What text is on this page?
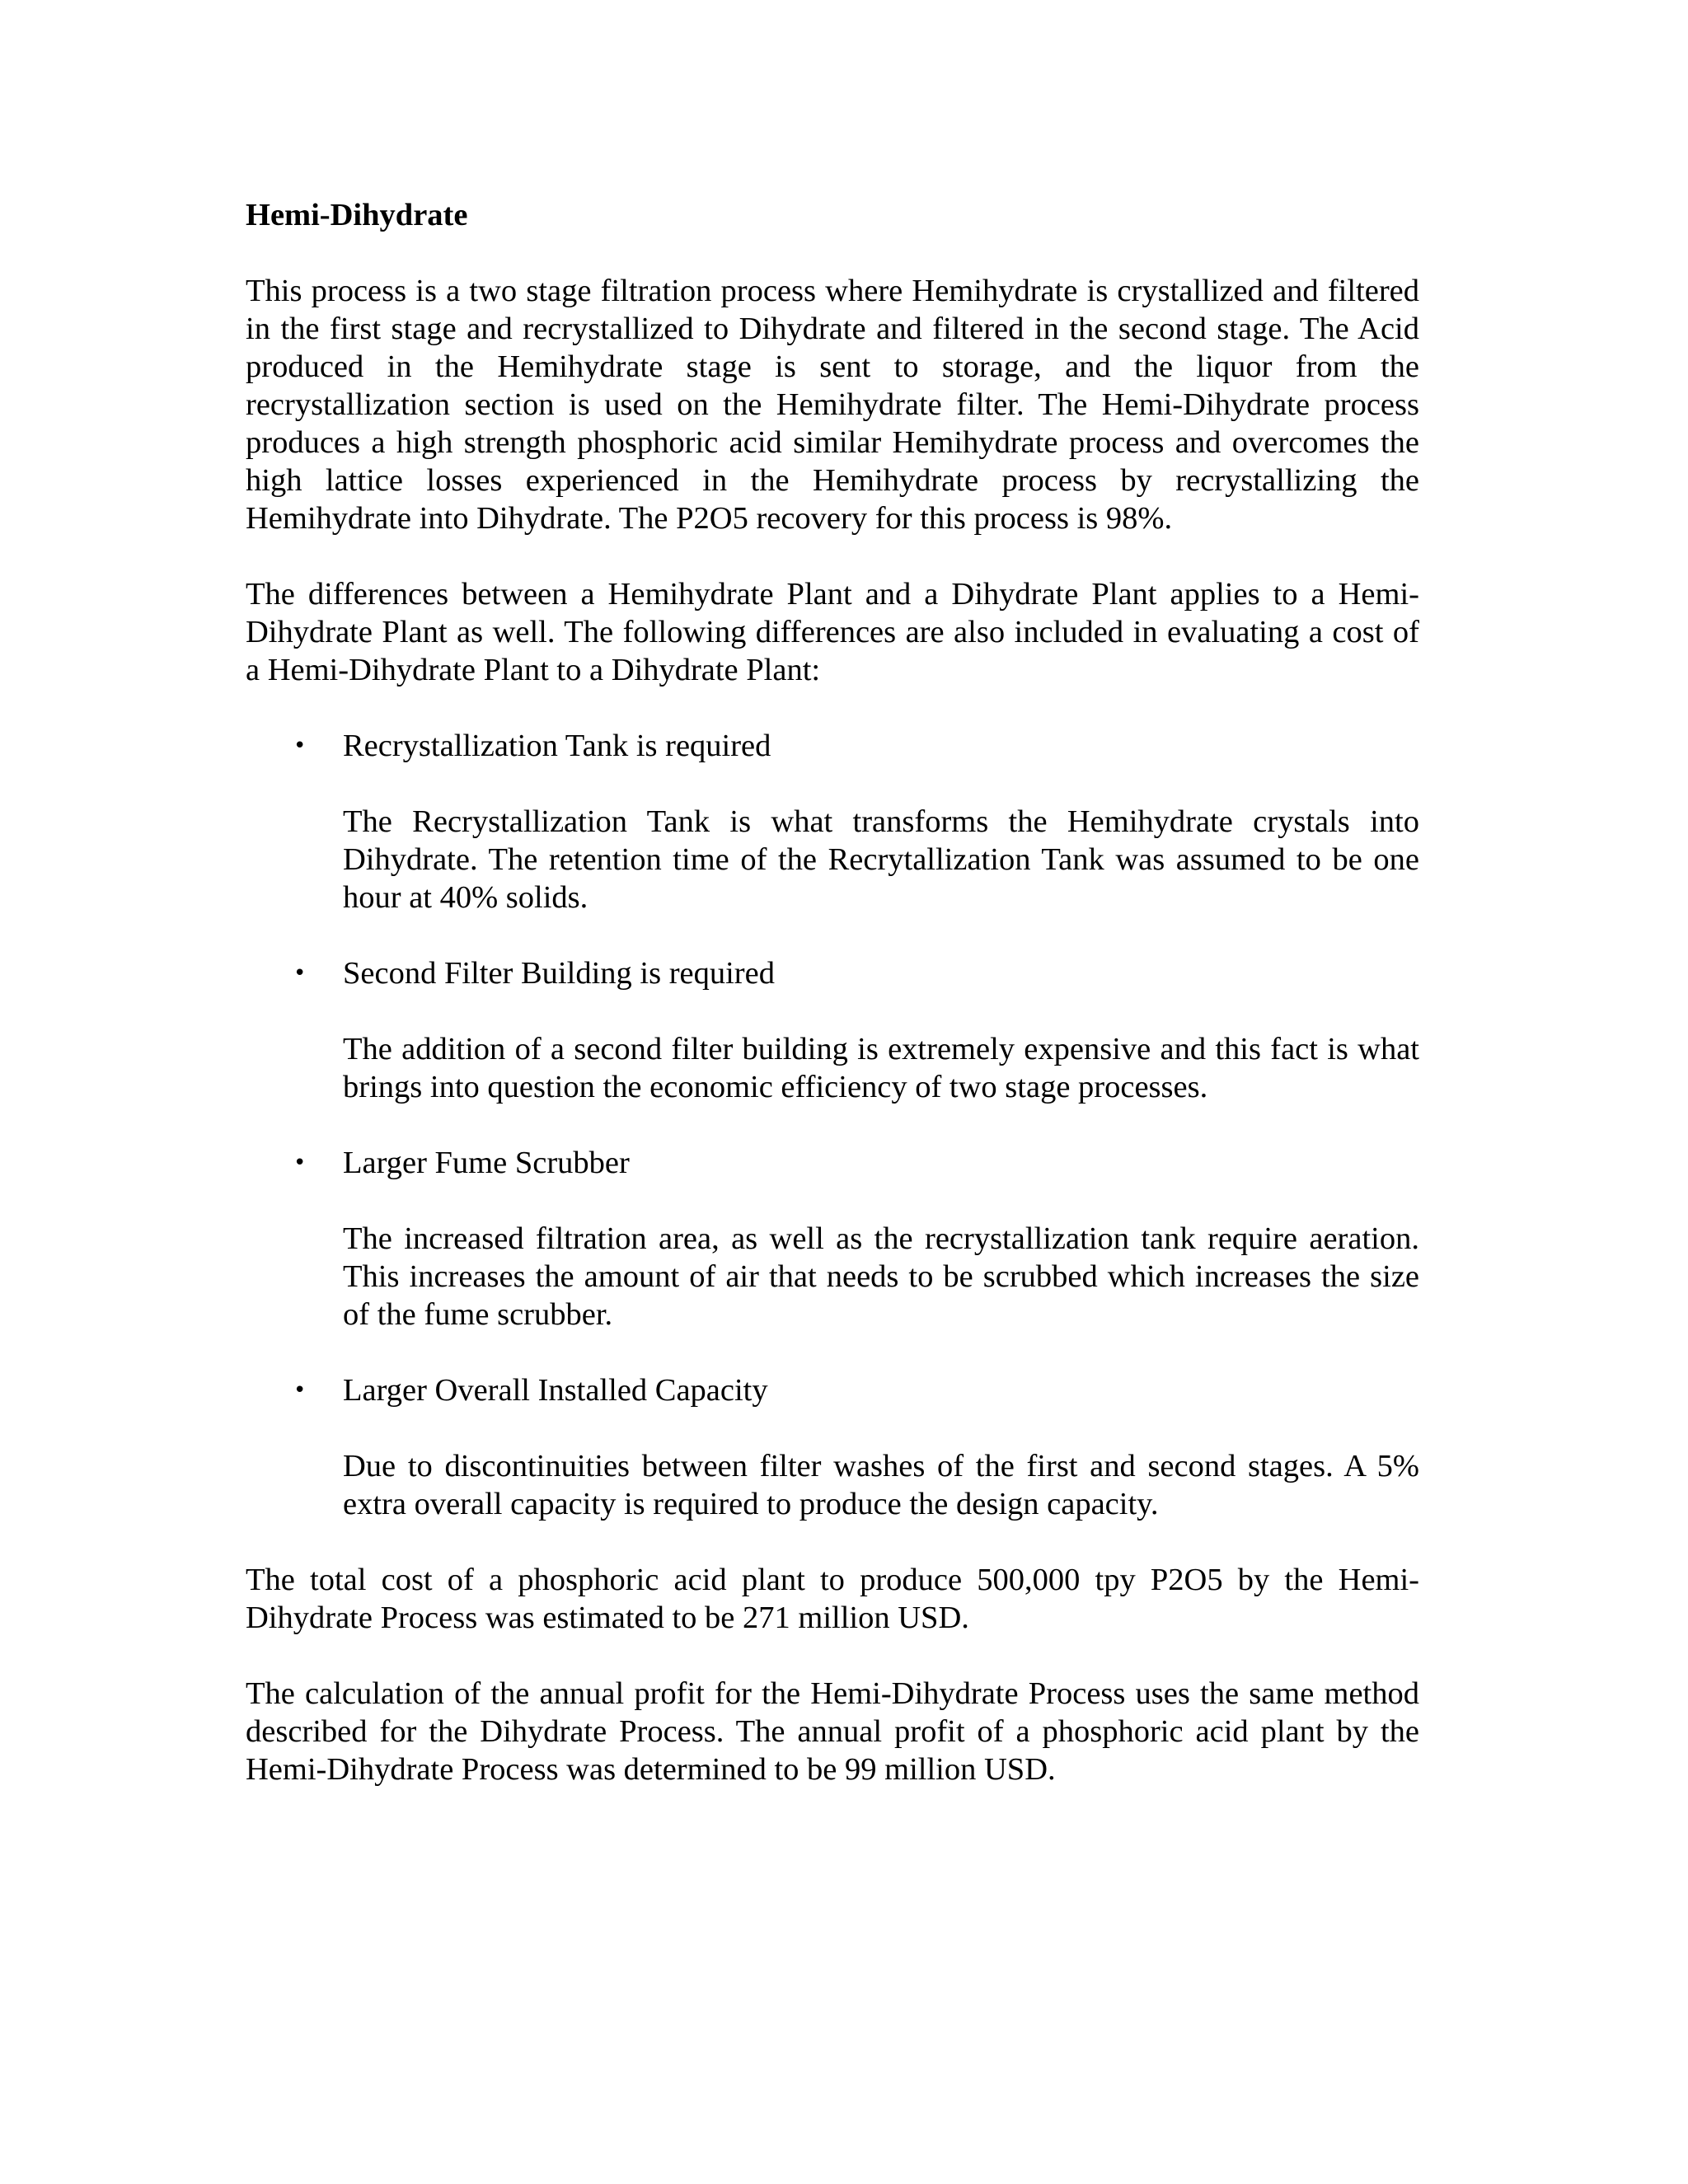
Hemi-Dihydrate

This process is a two stage filtration process where Hemihydrate is crystallized and filtered in the first stage and recrystallized to Dihydrate and filtered in the second stage. The Acid produced in the Hemihydrate stage is sent to storage, and the liquor from the recrystallization section is used on the Hemihydrate filter. The Hemi-Dihydrate process produces a high strength phosphoric acid similar Hemihydrate process and overcomes the high lattice losses experienced in the Hemihydrate process by recrystallizing the Hemihydrate into Dihydrate. The P2O5 recovery for this process is 98%.

The differences between a Hemihydrate Plant and a Dihydrate Plant applies to a Hemi-Dihydrate Plant as well. The following differences are also included in evaluating a cost of a Hemi-Dihydrate Plant to a Dihydrate Plant:

• Recrystallization Tank is required

The Recrystallization Tank is what transforms the Hemihydrate crystals into Dihydrate. The retention time of the Recrytallization Tank was assumed to be one hour at 40% solids.

• Second Filter Building is required

The addition of a second filter building is extremely expensive and this fact is what brings into question the economic efficiency of two stage processes.

• Larger Fume Scrubber

The increased filtration area, as well as the recrystallization tank require aeration. This increases the amount of air that needs to be scrubbed which increases the size of the fume scrubber.

• Larger Overall Installed Capacity

Due to discontinuities between filter washes of the first and second stages. A 5% extra overall capacity is required to produce the design capacity.

The total cost of a phosphoric acid plant to produce 500,000 tpy P2O5 by the Hemi-Dihydrate Process was estimated to be 271 million USD.

The calculation of the annual profit for the Hemi-Dihydrate Process uses the same method described for the Dihydrate Process. The annual profit of a phosphoric acid plant by the Hemi-Dihydrate Process was determined to be 99 million USD.
